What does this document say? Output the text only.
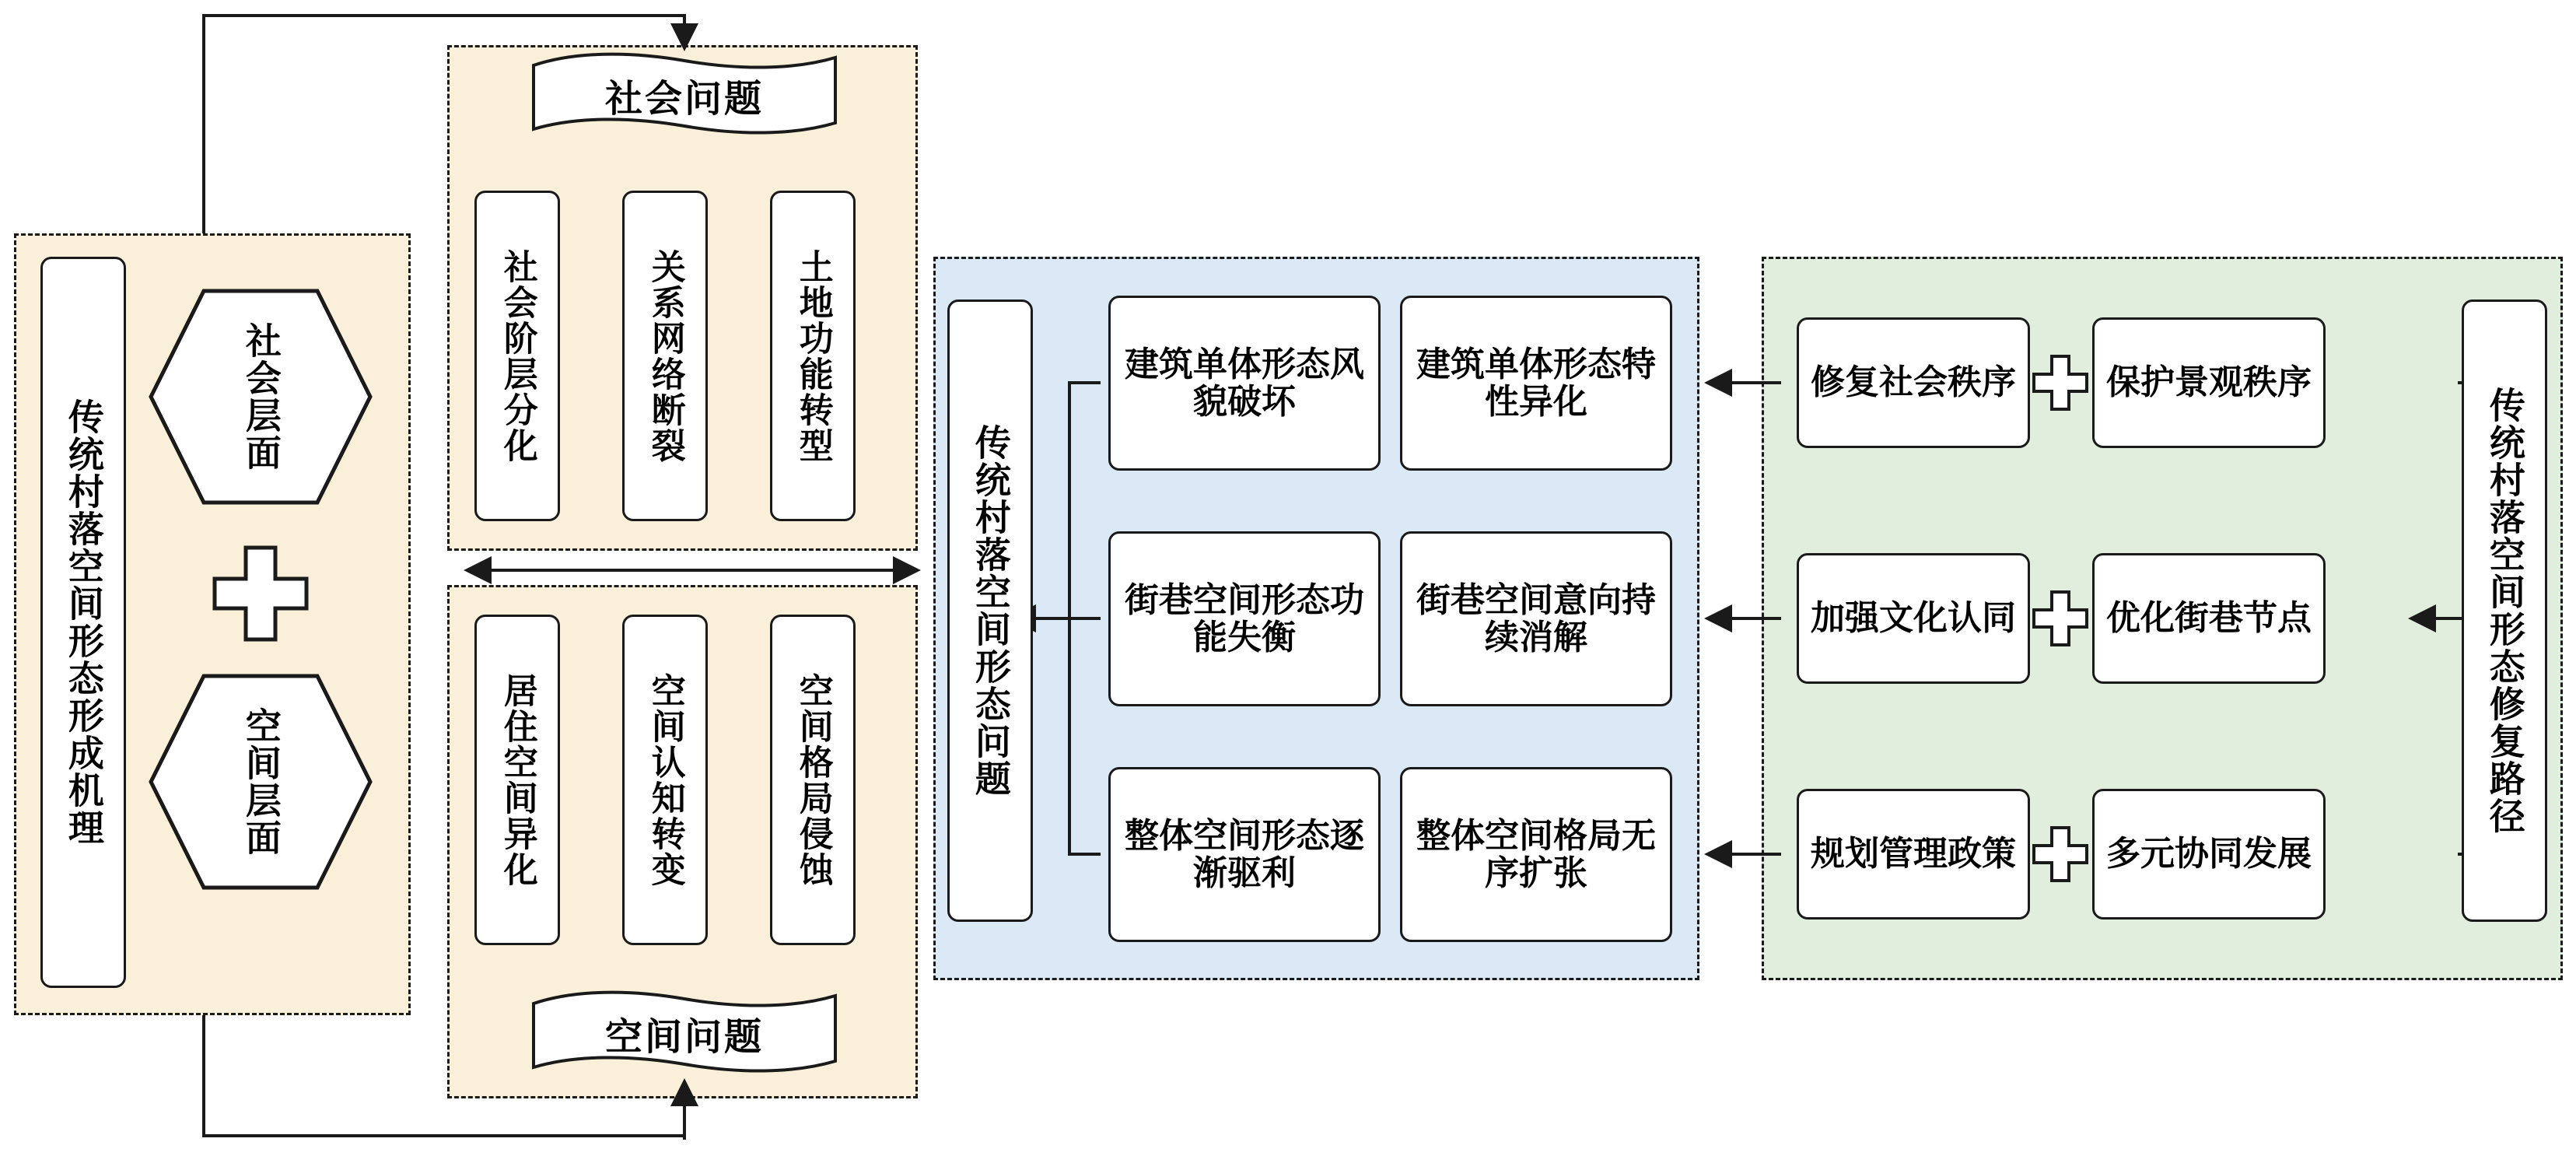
传统村落空间形态形成机理
社会层面
空间层面
社会问题
社会阶层分化	关系网络断裂	土地功能转型
居住空间异化	空间认知转变	空间格局侵蚀
空间问题
传统村落空间形态问题
建筑单体形态风貌破坏
建筑单体形态特性异化
街巷空间形态功能失衡
街巷空间意向持续消解
整体空间形态逐渐驱利
整体空间格局无序扩张
修复社会秩序	保护景观秩序
加强文化认同	优化街巷节点
规划管理政策	多元协同发展
传统村落空间形态修复路径
